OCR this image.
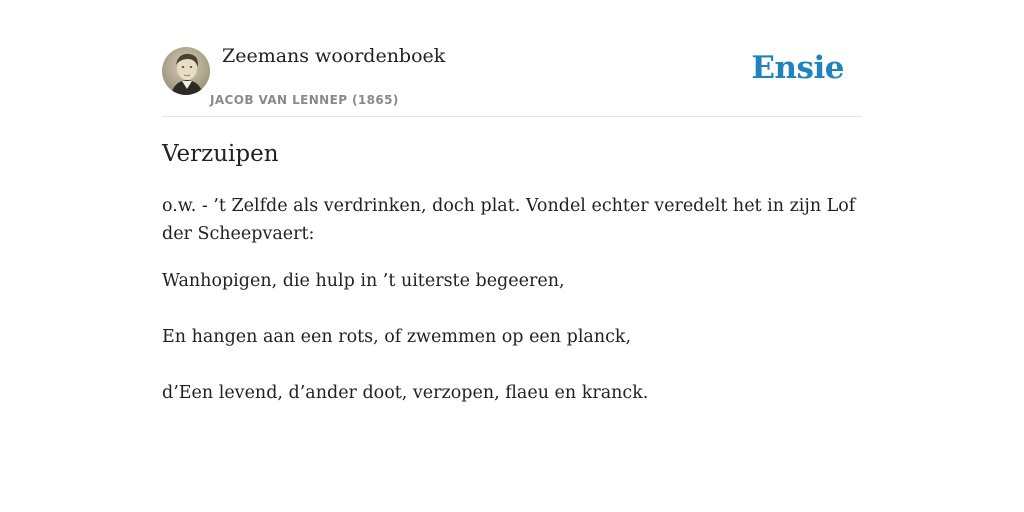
Zeemans woordenboek
JACOB VAN LENNEP (1865)
Ensie
Verzuipen

o.w. - ’t Zelfde als verdrinken, doch plat. Vondel echter veredelt het in zijn Lof der Scheepvaert:

Wanhopigen, die hulp in ’t uiterste begeeren,
En hangen aan een rots, of zwemmen op een planck,
d’Een levend, d’ander doot, verzopen, flaeu en kranck.
